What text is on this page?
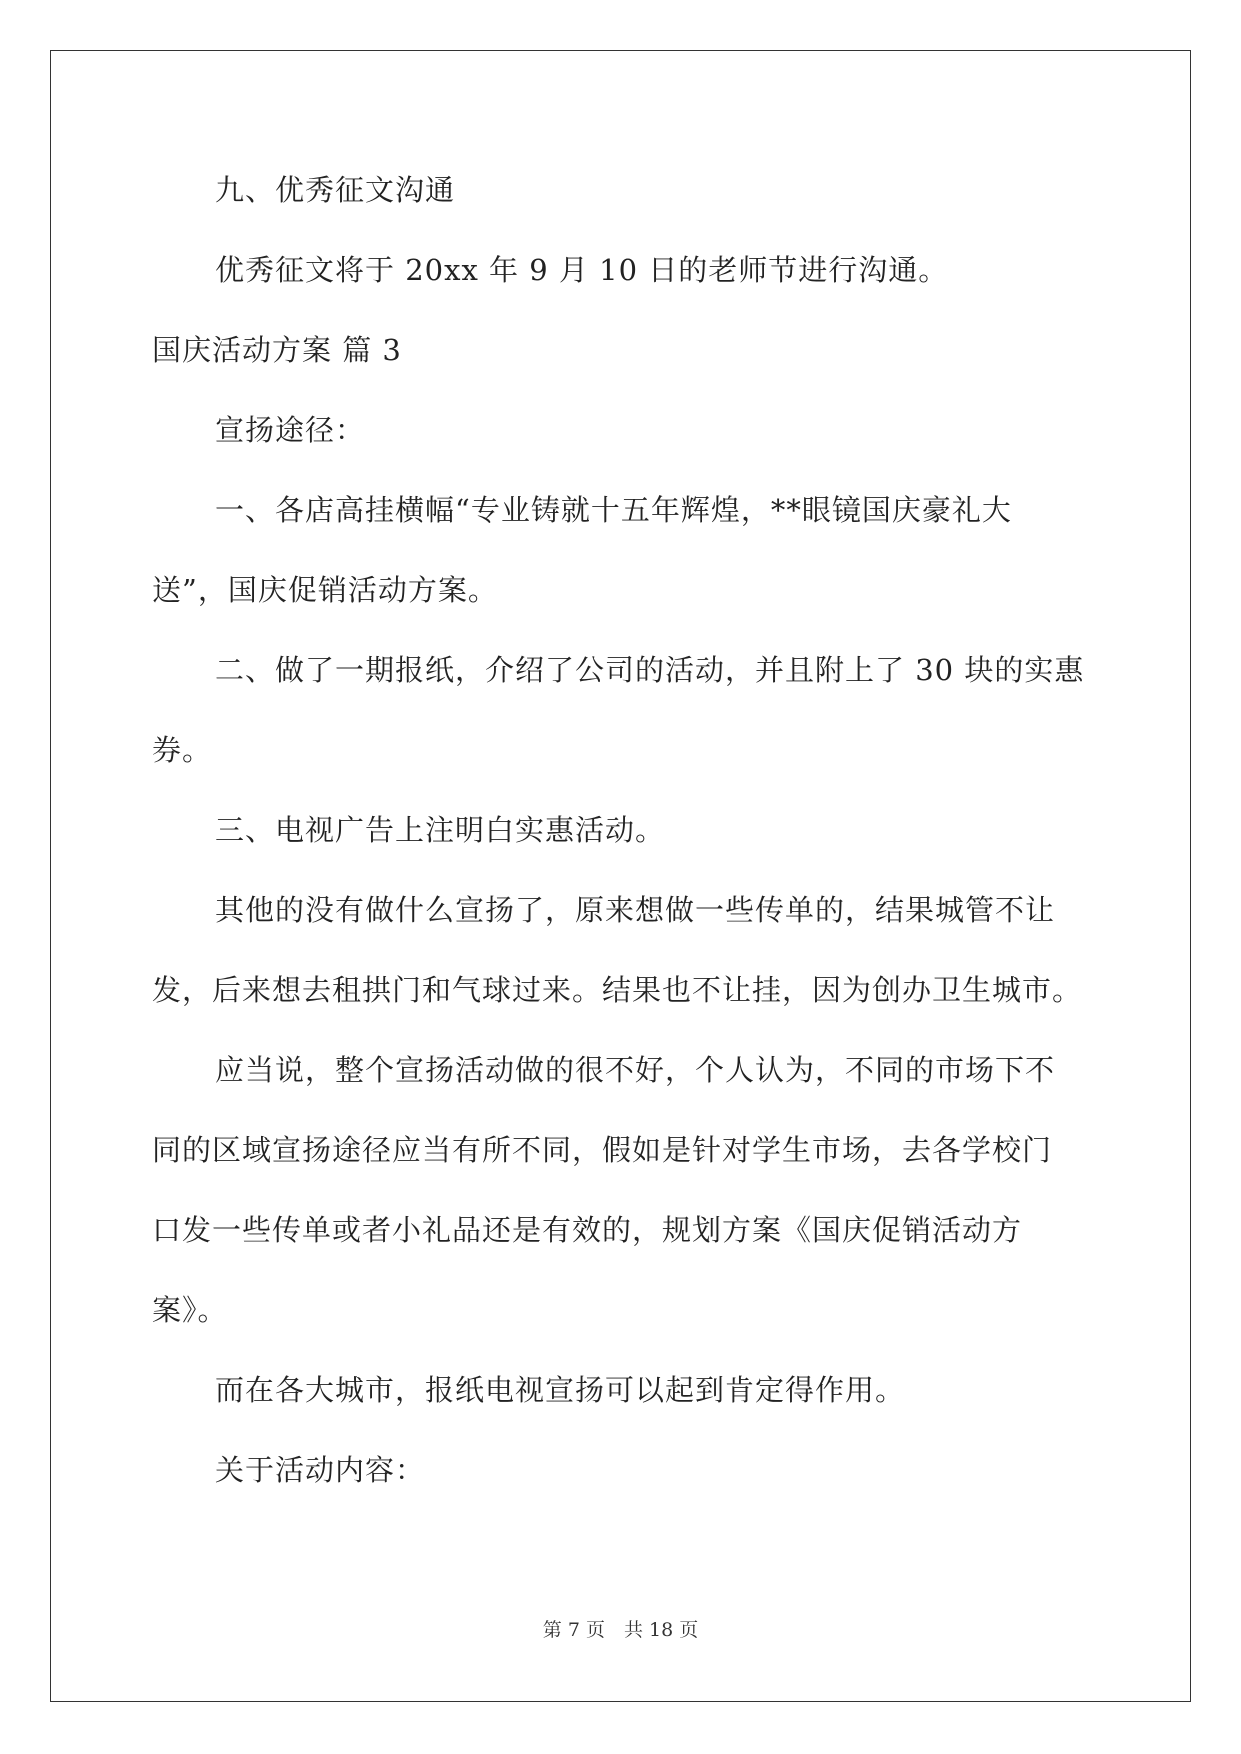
九、优秀征文沟通
优秀征文将于 20xx 年 9 月 10 日的老师节进行沟通。
国庆活动方案 篇 3
宣扬途径：
一、各店高挂横幅“专业铸就十五年辉煌，**眼镜国庆豪礼大
送”，国庆促销活动方案。
二、做了一期报纸，介绍了公司的活动，并且附上了 30 块的实惠
券。
三、电视广告上注明白实惠活动。
其他的没有做什么宣扬了，原来想做一些传单的，结果城管不让
发，后来想去租拱门和气球过来。结果也不让挂，因为创办卫生城市。
应当说，整个宣扬活动做的很不好，个人认为，不同的市场下不
同的区域宣扬途径应当有所不同，假如是针对学生市场，去各学校门
口发一些传单或者小礼品还是有效的，规划方案《国庆促销活动方
案》。
而在各大城市，报纸电视宣扬可以起到肯定得作用。
关于活动内容：
第 7 页　共 18 页
